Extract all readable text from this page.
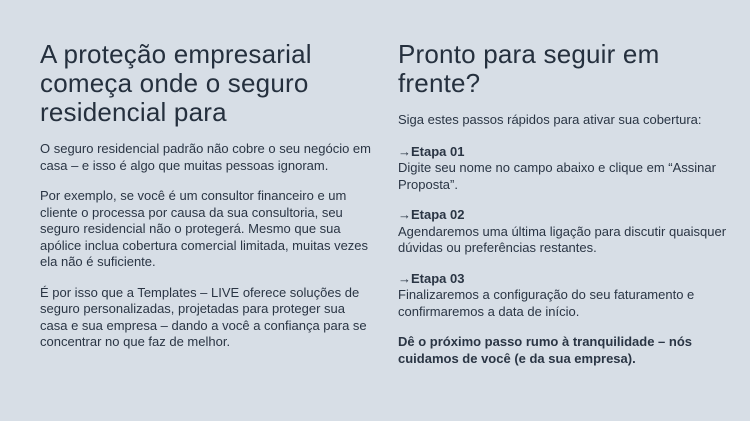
A proteção empresarial começa onde o seguro residencial para

O seguro residencial padrão não cobre o seu negócio em casa – e isso é algo que muitas pessoas ignoram.

Por exemplo, se você é um consultor financeiro e um cliente o processa por causa da sua consultoria, seu seguro residencial não o protegerá. Mesmo que sua apólice inclua cobertura comercial limitada, muitas vezes ela não é suficiente.

É por isso que a Templates – LIVE oferece soluções de seguro personalizadas, projetadas para proteger sua casa e sua empresa – dando a você a confiança para se concentrar no que faz de melhor.

Pronto para seguir em frente?

Siga estes passos rápidos para ativar sua cobertura:

→Etapa 01

Digite seu nome no campo abaixo e clique em “Assinar Proposta”.

→Etapa 02

Agendaremos uma última ligação para discutir quaisquer dúvidas ou preferências restantes.

→Etapa 03

Finalizaremos a configuração do seu faturamento e confirmaremos a data de início.

Dê o próximo passo rumo à tranquilidade – nós cuidamos de você (e da sua empresa).
